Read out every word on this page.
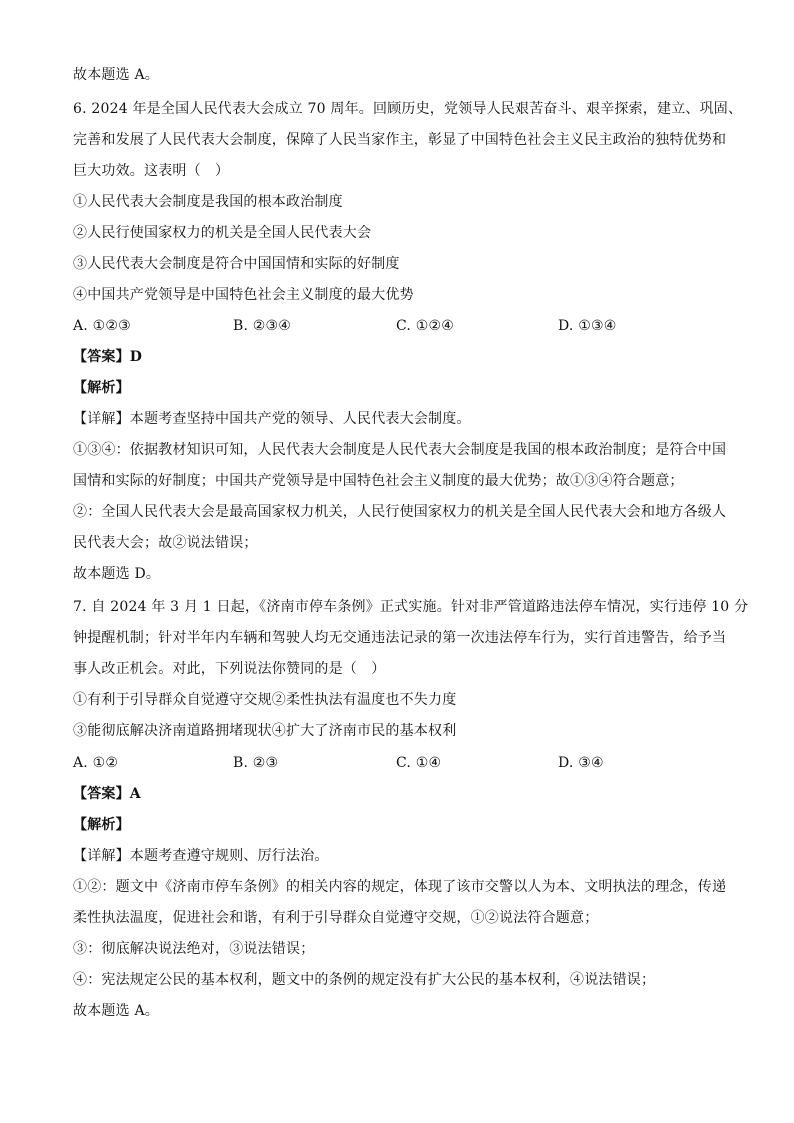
故本题选 A。
6. 2024 年是全国人民代表大会成立 70 周年。回顾历史，党领导人民艰苦奋斗、艰辛探索，建立、巩固、
完善和发展了人民代表大会制度，保障了人民当家作主，彰显了中国特色社会主义民主政治的独特优势和
巨大功效。这表明（　）
①人民代表大会制度是我国的根本政治制度
②人民行使国家权力的机关是全国人民代表大会
③人民代表大会制度是符合中国国情和实际的好制度
④中国共产党领导是中国特色社会主义制度的最大优势
A. ①②③	B. ②③④	C. ①②④	D. ①③④
【答案】D
【解析】
【详解】本题考查坚持中国共产党的领导、人民代表大会制度。
①③④：依据教材知识可知，人民代表大会制度是人民代表大会制度是我国的根本政治制度；是符合中国
国情和实际的好制度；中国共产党领导是中国特色社会主义制度的最大优势；故①③④符合题意；
②：全国人民代表大会是最高国家权力机关，人民行使国家权力的机关是全国人民代表大会和地方各级人
民代表大会；故②说法错误；
故本题选 D。
7. 自 2024 年 3 月 1 日起，《济南市停车条例》正式实施。针对非严管道路违法停车情况，实行违停 10 分
钟提醒机制；针对半年内车辆和驾驶人均无交通违法记录的第一次违法停车行为，实行首违警告，给予当
事人改正机会。对此，下列说法你赞同的是（　）
①有利于引导群众自觉遵守交规②柔性执法有温度也不失力度
③能彻底解决济南道路拥堵现状④扩大了济南市民的基本权利
A. ①②	B. ②③	C. ①④	D. ③④
【答案】A
【解析】
【详解】本题考查遵守规则、厉行法治。
①②：题文中《济南市停车条例》的相关内容的规定，体现了该市交警以人为本、文明执法的理念，传递
柔性执法温度，促进社会和谐，有利于引导群众自觉遵守交规，①②说法符合题意；
③：彻底解决说法绝对，③说法错误；
④：宪法规定公民的基本权利，题文中的条例的规定没有扩大公民的基本权利，④说法错误；
故本题选 A。
